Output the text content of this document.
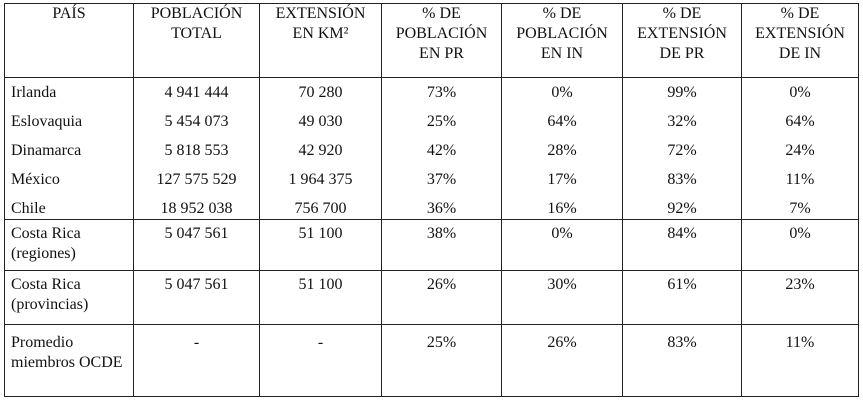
PAÍS	POBLACIÓN TOTAL	EXTENSIÓN EN KM²	% DE POBLACIÓN EN PR	% DE POBLACIÓN EN IN	% DE EXTENSIÓN DE PR	% DE EXTENSIÓN DE IN
Irlanda	4 941 444	70 280	73%	0%	99%	0%
Eslovaquia	5 454 073	49 030	25%	64%	32%	64%
Dinamarca	5 818 553	42 920	42%	28%	72%	24%
México	127 575 529	1 964 375	37%	17%	83%	11%
Chile	18 952 038	756 700	36%	16%	92%	7%
Costa Rica (regiones)	5 047 561	51 100	38%	0%	84%	0%
Costa Rica (provincias)	5 047 561	51 100	26%	30%	61%	23%
Promedio miembros OCDE	-	-	25%	26%	83%	11%
